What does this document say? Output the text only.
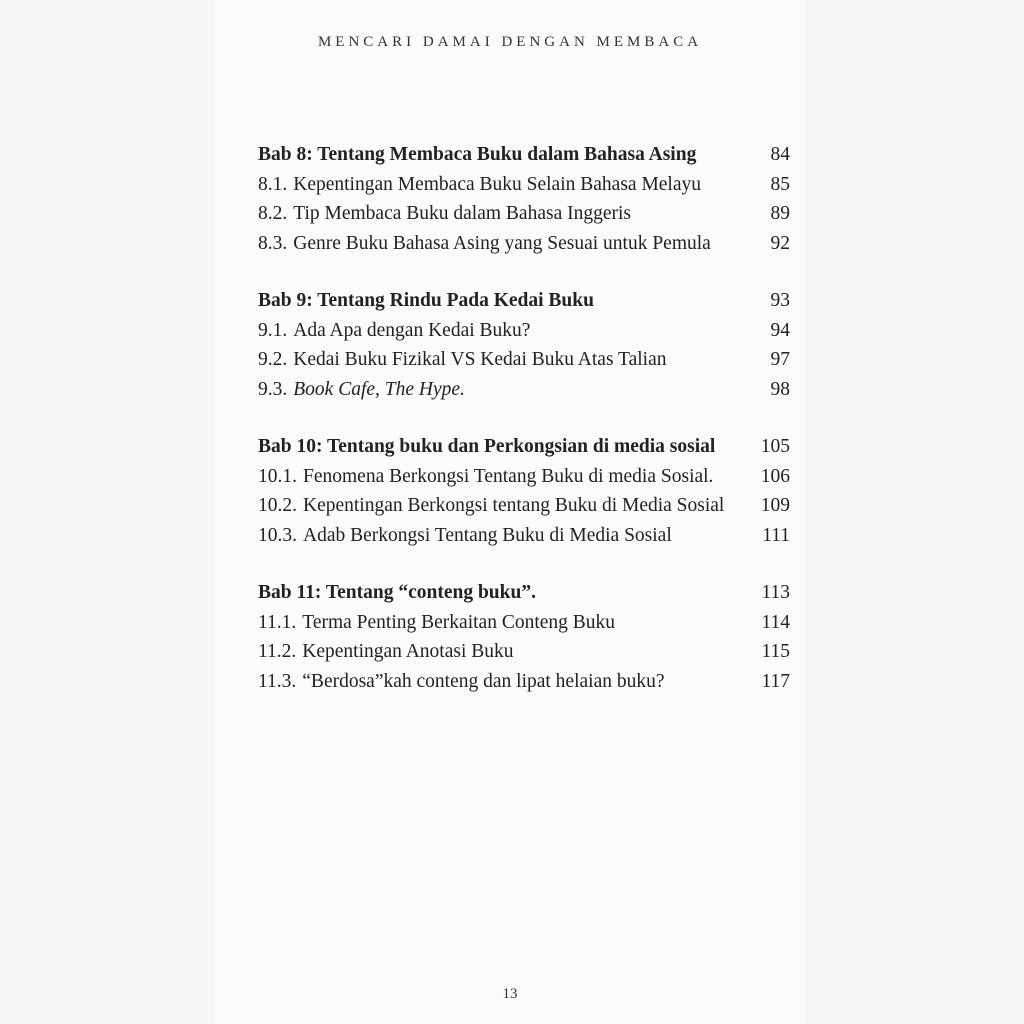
MENCARI DAMAI DENGAN MEMBACA
Bab 8: Tentang Membaca Buku dalam Bahasa Asing	84
8.1. Kepentingan Membaca Buku Selain Bahasa Melayu	85
8.2. Tip Membaca Buku dalam Bahasa Inggeris	89
8.3. Genre Buku Bahasa Asing yang Sesuai untuk Pemula	92
Bab 9: Tentang Rindu Pada Kedai Buku	93
9.1. Ada Apa dengan Kedai Buku?	94
9.2. Kedai Buku Fizikal VS Kedai Buku Atas Talian	97
9.3. Book Cafe, The Hype.	98
Bab 10: Tentang buku dan Perkongsian di media sosial	105
10.1. Fenomena Berkongsi Tentang Buku di media Sosial.	106
10.2. Kepentingan Berkongsi tentang Buku di Media Sosial	109
10.3. Adab Berkongsi Tentang Buku di Media Sosial	111
Bab 11: Tentang “conteng buku”.	113
11.1. Terma Penting Berkaitan Conteng Buku	114
11.2. Kepentingan Anotasi Buku	115
11.3. “Berdosa”kah conteng dan lipat helaian buku?	117
13
